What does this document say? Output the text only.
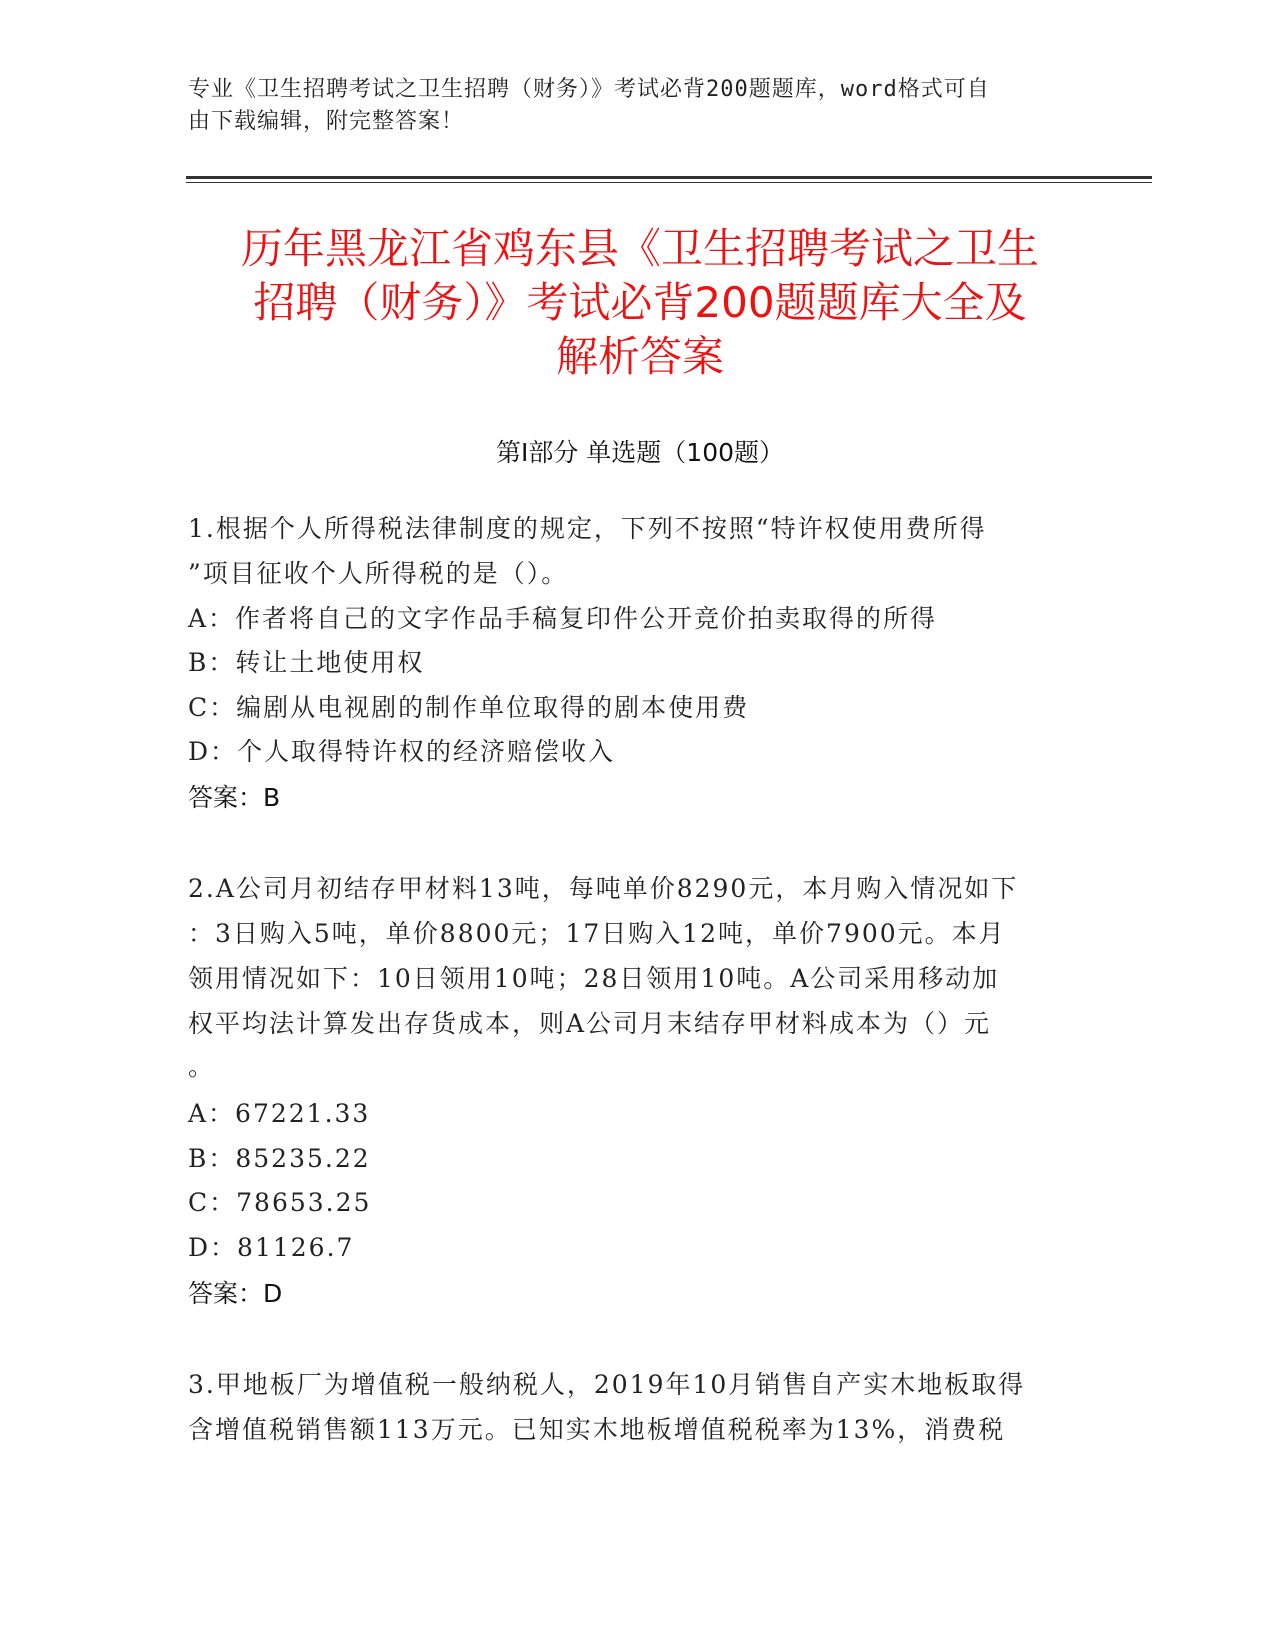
专业《卫生招聘考试之卫生招聘（财务）》考试必背200题题库，word格式可自
由下载编辑，附完整答案！
历年黑龙江省鸡东县《卫生招聘考试之卫生
招聘（财务）》考试必背200题题库大全及
解析答案
第Ⅰ部分 单选题（100题）
1.根据个人所得税法律制度的规定，下列不按照“特许权使用费所得
”项目征收个人所得税的是（）。
A：作者将自己的文字作品手稿复印件公开竞价拍卖取得的所得
B：转让土地使用权
C：编剧从电视剧的制作单位取得的剧本使用费
D：个人取得特许权的经济赔偿收入
答案：B
2.A公司月初结存甲材料13吨，每吨单价8290元，本月购入情况如下
：3日购入5吨，单价8800元；17日购入12吨，单价7900元。本月
领用情况如下：10日领用10吨；28日领用10吨。A公司采用移动加
权平均法计算发出存货成本，则A公司月末结存甲材料成本为（）元
。
A：67221.33
B：85235.22
C：78653.25
D：81126.7
答案：D
3.甲地板厂为增值税一般纳税人，2019年10月销售自产实木地板取得
含增值税销售额113万元。已知实木地板增值税税率为13%，消费税
